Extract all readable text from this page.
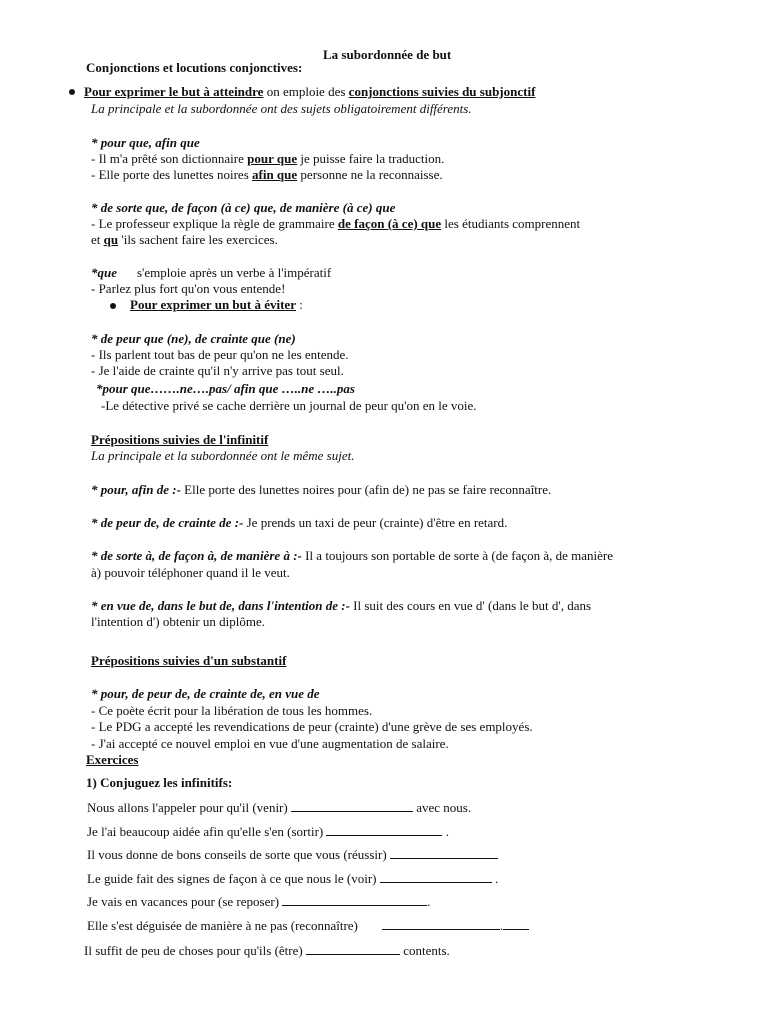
La subordonnée de but
Conjonctions et locutions conjonctives:
Pour exprimer le but à atteindre on emploie des conjonctions suivies du subjonctif
La principale et la subordonnée ont des sujets obligatoirement différents.
* pour que, afin que
- Il m'a prêté son dictionnaire pour que je puisse faire la traduction.
- Elle porte des lunettes noires afin que personne ne la reconnaisse.
* de sorte que, de façon (à ce) que, de manière (à ce) que
- Le professeur explique la règle de grammaire de façon (à ce) que les étudiants comprennent
et qu 'ils sachent faire les exercices.
*que s'emploie après un verbe à l'impératif
- Parlez plus fort qu'on vous entende!
Pour exprimer un but à éviter :
* de peur que (ne), de crainte que (ne)
- Ils parlent tout bas de peur qu'on ne les entende.
- Je l'aide de crainte qu'il n'y arrive pas tout seul.
*pour que…….ne….pas/ afin que …..ne …..pas
-Le détective privé se cache derrière un journal de peur qu'on en le voie.
Prépositions suivies de l'infinitif
La principale et la subordonnée ont le même sujet.
* pour, afin de :- Elle porte des lunettes noires pour (afin de) ne pas se faire reconnaître.
* de peur de, de crainte de :- Je prends un taxi de peur (crainte) d'être en retard.
* de sorte à, de façon à, de manière à :- Il a toujours son portable de sorte à (de façon à, de manière
à) pouvoir téléphoner quand il le veut.
* en vue de, dans le but de, dans l'intention de :- Il suit des cours en vue d' (dans le but d', dans
l'intention d') obtenir un diplôme.
Prépositions suivies d'un substantif
* pour, de peur de, de crainte de, en vue de
- Ce poète écrit pour la libération de tous les hommes.
- Le PDG a accepté les revendications de peur (crainte) d'une grève de ses employés.
- J'ai accepté ce nouvel emploi en vue d'une augmentation de salaire.
Exercices
1) Conjuguez les infinitifs:
Nous allons l'appeler pour qu'il (venir)	avec nous.
Je l'ai beaucoup aidée afin qu'elle s'en (sortir)	.
Il vous donne de bons conseils de sorte que vous (réussir)
Le guide fait des signes de façon à ce que nous le (voir)	.
Je vais en vacances pour (se reposer)	.
Elle s'est déguisée de manière à ne pas (reconnaître)	.
Il suffit de peu de choses pour qu'ils (être)	contents.
